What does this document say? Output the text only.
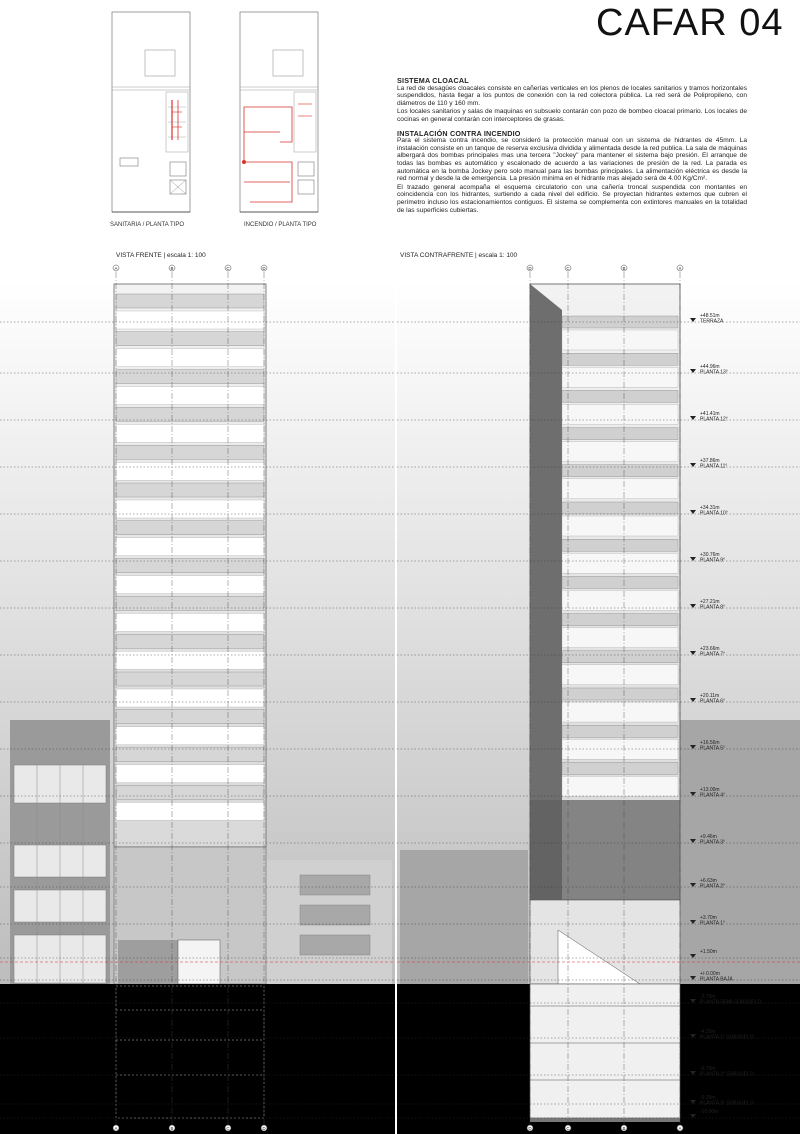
CAFAR 04
SANITARIA / PLANTA TIPO	INCENDIO / PLANTA TIPO
SISTEMA CLOACAL

La red de desagües cloacales consiste en cañerías verticales en los plenos de locales sanitarios y tramos horizontales suspendidos, hasta llegar a los puntos de conexión con la red colectora pública. La red será de Polipropileno, con diámetros de 110 y 160 mm.

Los locales sanitarios y salas de maquinas en subsuelo contarán con pozo de bombeo cloacal primario. Los locales de cocinas en general contarán con interceptores de grasas.

INSTALACIÓN CONTRA INCENDIO

Para el sistema contra incendio, se consideró la protección manual con un sistema de hidrantes de 45mm. La instalación consiste en un tanque de reserva exclusiva dividida y alimentada desde la red publica. La sala de máquinas albergará dos bombas principales mas una tercera "Jockey" para mantener el sistema bajo presión. El arranque de todas las bombas es automático y escalonado de acuerdo a las variaciones de presión de la red. La parada es automática en la bomba Jockey pero solo manual para las bombas principales. La alimentación eléctrica es desde la red normal y desde la de emergencia. La presión minima en el hidrante mas alejado será de 4.00 Kg/Cm².

El trazado general acompaña el esquema circulatorio con una cañería troncal suspendida con montantes en coincidencia con los hidrantes, surtiendo a cada nivel del edificio. Se proyectan hidrantes externos que cubren el perímetro incluso los estacionamientos contiguos. El sistema se complementa con extintores manuales en la totalidad de las superficies cubiertas.

VISTA FRENTE | escala 1: 100	VISTA CONTRAFRENTE | escala 1: 100
A
A
B
B
C
C
D
D
D
D
C
C
B
B
A
A
+48.51m
TERRAZA
+44.96m
PLANTA 13°
+41.41m
PLANTA 12°
+37.86m
PLANTA 11°
+34.31m
PLANTA 10°
+30.76m
PLANTA 9°
+27.21m
PLANTA 8°
+23.66m
PLANTA 7°
+20.11m
PLANTA 6°
+16.56m
PLANTA 5°
+13.00m
PLANTA 4°
+9.46m
PLANTA 3°
+6.63m
PLANTA 2°
+3.70m
PLANTA 1°
+1.50m
+/-0.00m
PLANTA BAJA
-2.70m
PLANTA SEMI-SUBSUELO
-4.20m
PLANTA 1° SUBSUELO
-6.70m
PLANTA 2° SUBSUELO
-9.20m
PLANTA 3° SUBSUELO
-10.00m
